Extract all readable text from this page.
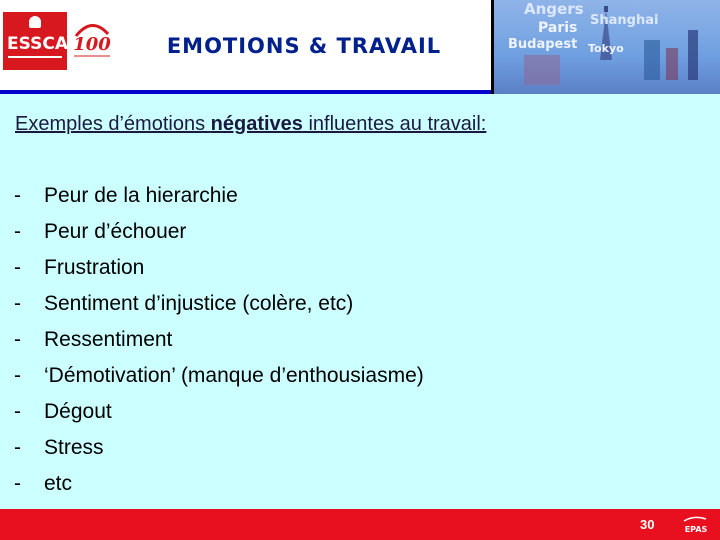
ESSCA 100	EMOTIONS & TRAVAIL
Angers
Shanghai
Paris
Budapest Tokyo

Exemples d’émotions négatives influentes au travail:

- Peur de la hierarchie
- Peur d’échouer
- Frustration
- Sentiment d’injustice (colère, etc)
- Ressentiment
- ‘Démotivation’ (manque d’enthousiasme)
- Dégout
- Stress
- etc
30	EPAS
